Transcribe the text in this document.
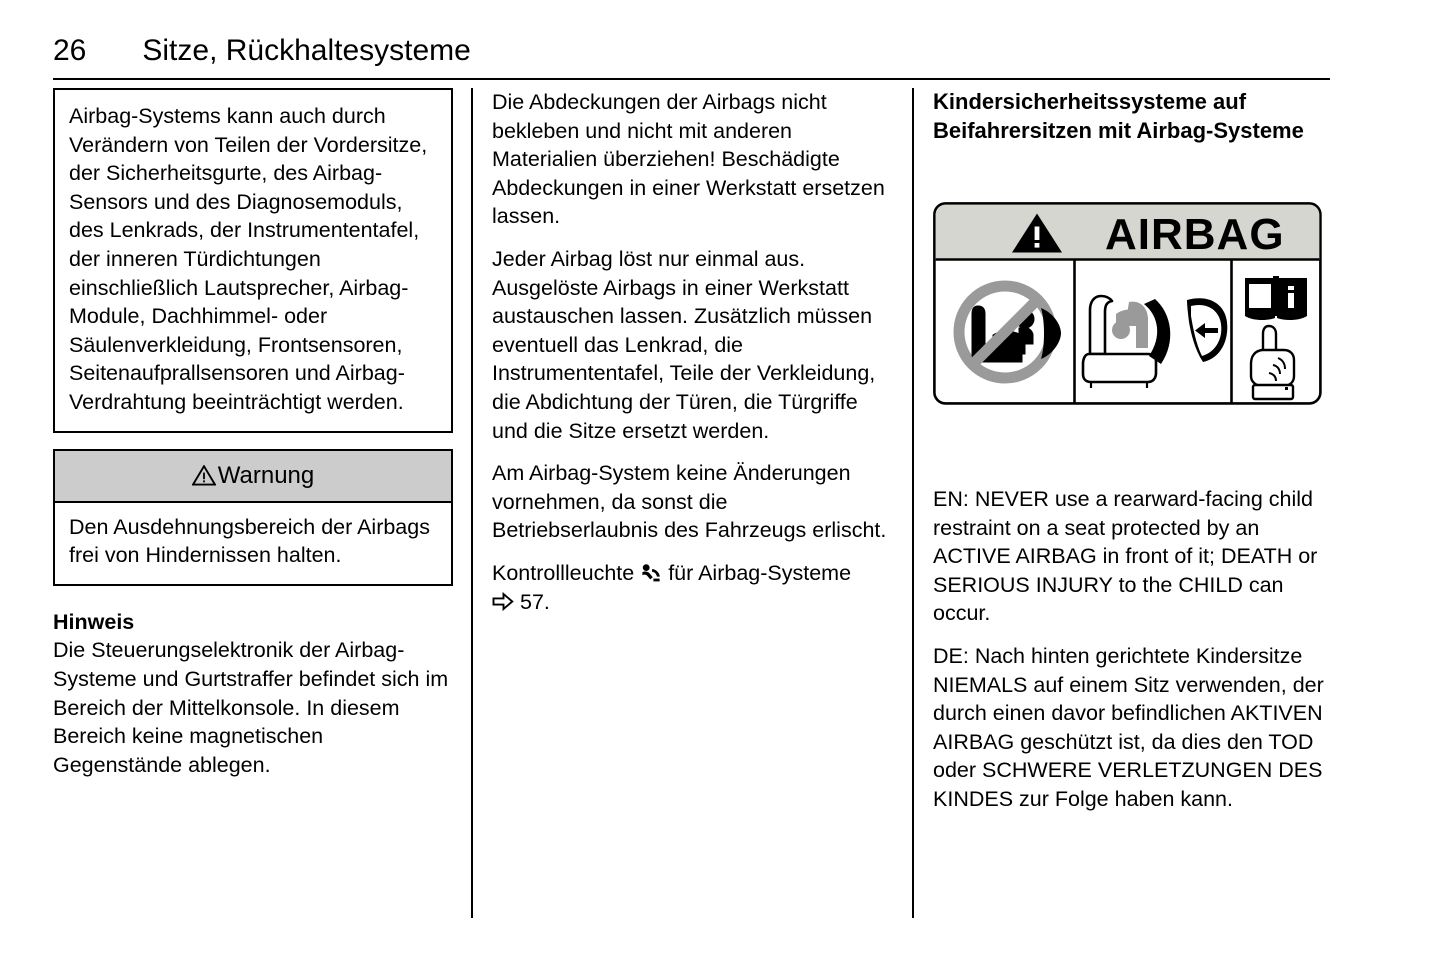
26 Sitze, Rückhaltesysteme

Airbag-Systems kann auch durch Verändern von Teilen der Vordersitze, der Sicherheitsgurte, des Airbag-Sensors und des Diagnosemoduls, des Lenkrads, der Instrumententafel, der inneren Türdichtungen einschließlich Lautsprecher, Airbag-Module, Dachhimmel- oder Säulenverkleidung, Frontsensoren, Seitenaufprallsensoren und Airbag-Verdrahtung beeinträchtigt werden.

Warnung

Den Ausdehnungsbereich der Airbags frei von Hindernissen halten.

Hinweis

Die Steuerungselektronik der Airbag-Systeme und Gurtstraffer befindet sich im Bereich der Mittelkonsole. In diesem Bereich keine magnetischen Gegenstände ablegen.

Die Abdeckungen der Airbags nicht bekleben und nicht mit anderen Materialien überziehen! Beschädigte Abdeckungen in einer Werkstatt ersetzen lassen.

Jeder Airbag löst nur einmal aus. Ausgelöste Airbags in einer Werkstatt austauschen lassen. Zusätzlich müssen eventuell das Lenkrad, die Instrumententafel, Teile der Verkleidung, die Abdichtung der Türen, die Türgriffe und die Sitze ersetzt werden.

Am Airbag-System keine Änderungen vornehmen, da sonst die Betriebserlaubnis des Fahrzeugs erlischt.

Kontrollleuchte für Airbag-Systeme
57.

Kindersicherheitssysteme auf Beifahrersitzen mit Airbag-Systeme
AIRBAG

EN: NEVER use a rearward-facing child restraint on a seat protected by an ACTIVE AIRBAG in front of it; DEATH or SERIOUS INJURY to the CHILD can occur.

DE: Nach hinten gerichtete Kindersitze NIEMALS auf einem Sitz verwenden, der durch einen davor befindlichen AKTIVEN AIRBAG geschützt ist, da dies den TOD oder SCHWERE VERLETZUNGEN DES KINDES zur Folge haben kann.
